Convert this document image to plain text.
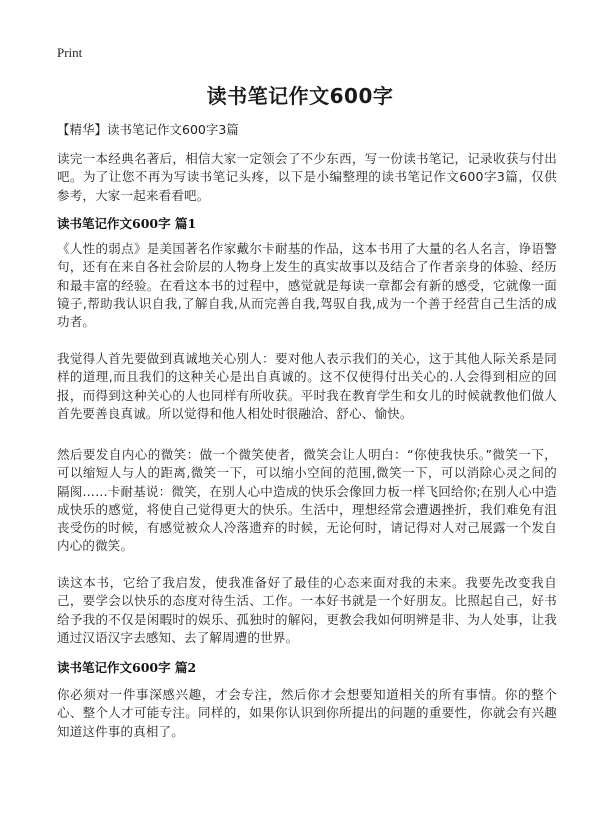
Print
读书笔记作文600字
【精华】读书笔记作文600字3篇
读完一本经典名著后，相信大家一定领会了不少东西，写一份读书笔记，记录收获与付出吧。为了让您不再为写读书笔记头疼，以下是小编整理的读书笔记作文600字3篇，仅供参考，大家一起来看看吧。
读书笔记作文600字 篇1
《人性的弱点》是美国著名作家戴尔卡耐基的作品，这本书用了大量的名人名言，诤语警句，还有在来自各社会阶层的人物身上发生的真实故事以及结合了作者亲身的体验、经历和最丰富的经验。在看这本书的过程中，感觉就是每读一章都会有新的感受，它就像一面镜子,帮助我认识自我,了解自我,从而完善自我,驾驭自我,成为一个善于经营自己生活的成功者。
我觉得人首先要做到真诚地关心别人：要对他人表示我们的关心，这于其他人际关系是同样的道理,而且我们的这种关心是出自真诚的。这不仅使得付出关心的.人会得到相应的回报，而得到这种关心的人也同样有所收获。平时我在教育学生和女儿的时候就教他们做人首先要善良真诚。所以觉得和他人相处时很融洽、舒心、愉快。
然后要发自内心的微笑：做一个微笑使者，微笑会让人明白：“你使我快乐。”微笑一下，可以缩短人与人的距离,微笑一下，可以缩小空间的范围,微笑一下，可以消除心灵之间的隔阂……卡耐基说：微笑，在别人心中造成的快乐会像回力板一样飞回给你;在别人心中造成快乐的感觉，将使自己觉得更大的快乐。生活中，理想经常会遭遇挫折，我们难免有沮丧受伤的时候，有感觉被众人冷落遗弃的时候，无论何时，请记得对人对己展露一个发自内心的微笑。
读这本书，它给了我启发，使我准备好了最佳的心态来面对我的未来。我要先改变我自己，要学会以快乐的态度对待生活、工作。一本好书就是一个好朋友。比照起自己，好书给予我的不仅是闲暇时的娱乐、孤独时的解闷，更教会我如何明辨是非、为人处事，让我通过汉语汉字去感知、去了解周遭的世界。
读书笔记作文600字 篇2
你必须对一件事深感兴趣，才会专注，然后你才会想要知道相关的所有事情。你的整个心、整个人才可能专注。同样的，如果你认识到你所提出的问题的重要性，你就会有兴趣知道这件事的真相了。
